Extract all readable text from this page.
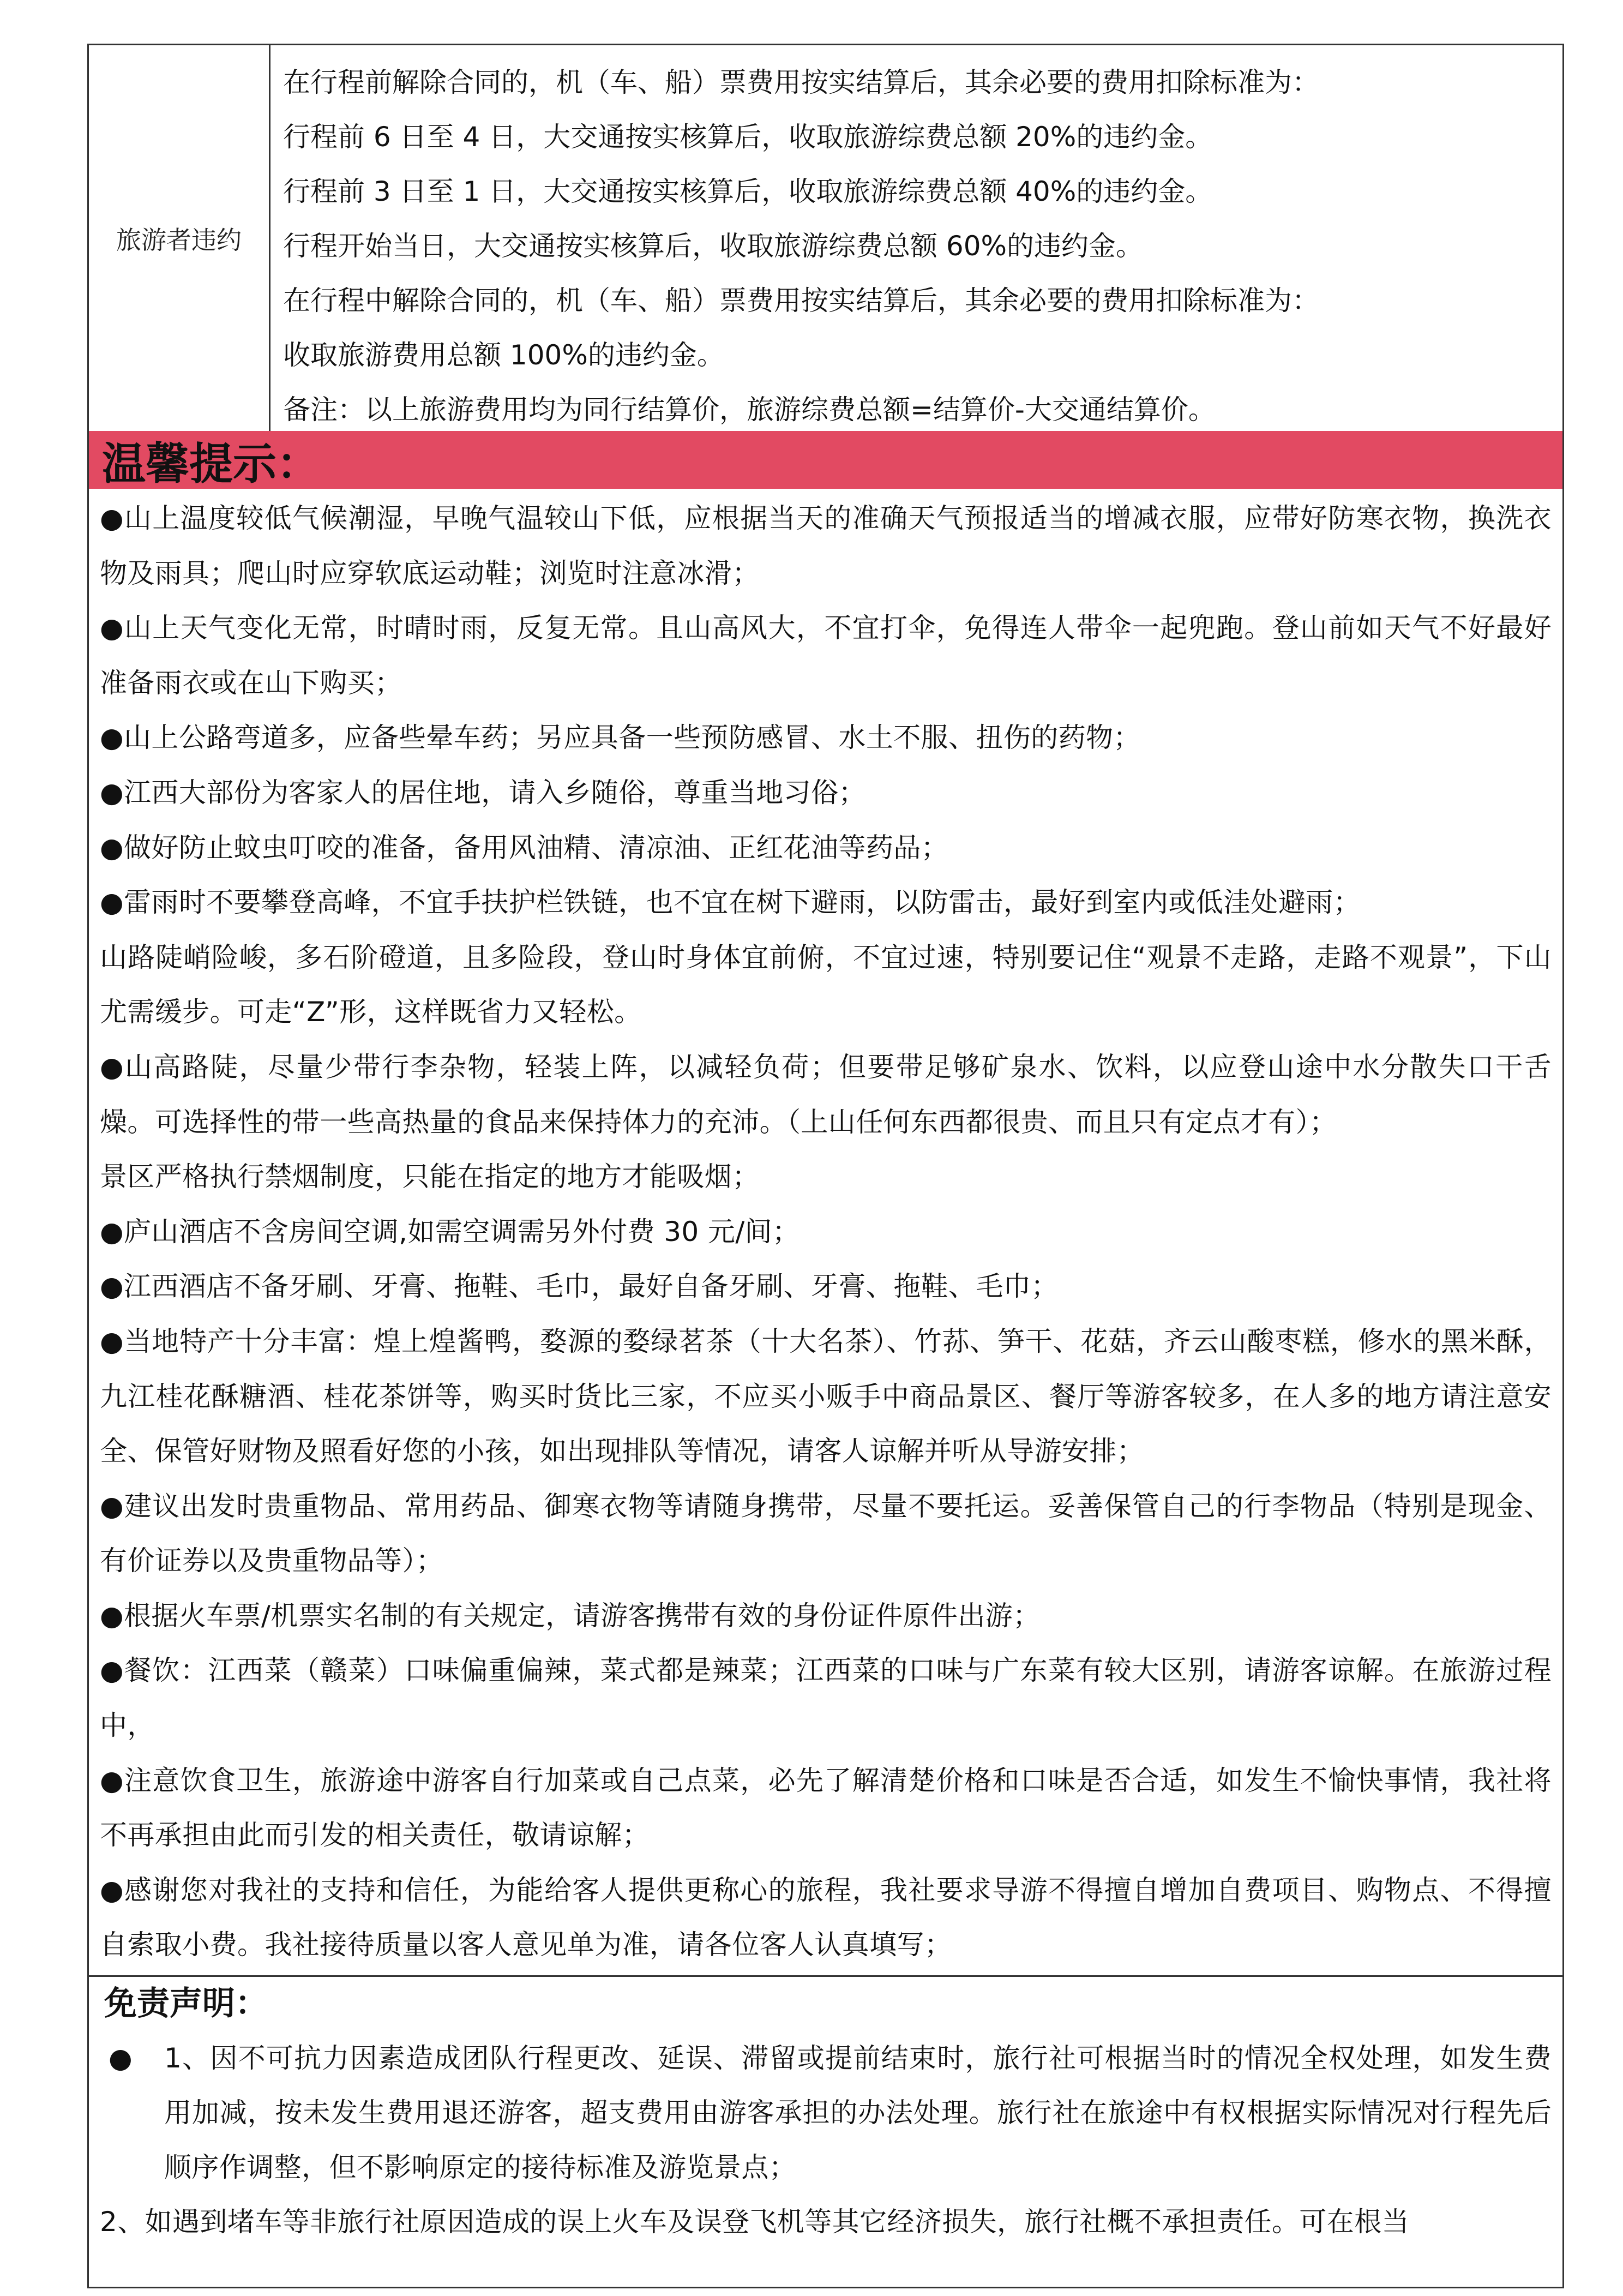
旅游者违约
在行程前解除合同的，机（车、船）票费用按实结算后，其余必要的费用扣除标准为：
行程前 6 日至 4 日，大交通按实核算后，收取旅游综费总额 20%的违约金。
行程前 3 日至 1 日，大交通按实核算后，收取旅游综费总额 40%的违约金。
行程开始当日，大交通按实核算后，收取旅游综费总额 60%的违约金。
在行程中解除合同的，机（车、船）票费用按实结算后，其余必要的费用扣除标准为：
收取旅游费用总额 100%的违约金。
备注：以上旅游费用均为同行结算价，旅游综费总额=结算价-大交通结算价。
温馨提示：
●山上温度较低气候潮湿，早晚气温较山下低，应根据当天的准确天气预报适当的增减衣服，应带好防寒衣物，换洗衣物及雨具；爬山时应穿软底运动鞋；浏览时注意冰滑；
●山上天气变化无常，时晴时雨，反复无常。且山高风大，不宜打伞，免得连人带伞一起兜跑。登山前如天气不好最好准备雨衣或在山下购买；
●山上公路弯道多，应备些晕车药；另应具备一些预防感冒、水土不服、扭伤的药物；
●江西大部份为客家人的居住地，请入乡随俗，尊重当地习俗；
●做好防止蚊虫叮咬的准备，备用风油精、清凉油、正红花油等药品；
●雷雨时不要攀登高峰，不宜手扶护栏铁链，也不宜在树下避雨，以防雷击，最好到室内或低洼处避雨；
山路陡峭险峻，多石阶磴道，且多险段，登山时身体宜前俯，不宜过速，特别要记住“观景不走路，走路不观景”，下山尤需缓步。可走“Z”形，这样既省力又轻松。
●山高路陡，尽量少带行李杂物，轻装上阵，以减轻负荷；但要带足够矿泉水、饮料，以应登山途中水分散失口干舌燥。可选择性的带一些高热量的食品来保持体力的充沛。（上山任何东西都很贵、而且只有定点才有）；
景区严格执行禁烟制度，只能在指定的地方才能吸烟；
●庐山酒店不含房间空调,如需空调需另外付费 30 元/间；
●江西酒店不备牙刷、牙膏、拖鞋、毛巾，最好自备牙刷、牙膏、拖鞋、毛巾；
●当地特产十分丰富：煌上煌酱鸭，婺源的婺绿茗茶（十大名茶）、竹荪、笋干、花菇，齐云山酸枣糕，修水的黑米酥，九江桂花酥糖酒、桂花茶饼等，购买时货比三家，不应买小贩手中商品景区、餐厅等游客较多，在人多的地方请注意安全、保管好财物及照看好您的小孩，如出现排队等情况，请客人谅解并听从导游安排；
●建议出发时贵重物品、常用药品、御寒衣物等请随身携带，尽量不要托运。妥善保管自己的行李物品（特别是现金、有价证券以及贵重物品等）；
●根据火车票/机票实名制的有关规定，请游客携带有效的身份证件原件出游；
●餐饮：江西菜（赣菜）口味偏重偏辣，菜式都是辣菜；江西菜的口味与广东菜有较大区别，请游客谅解。在旅游过程中，
●注意饮食卫生，旅游途中游客自行加菜或自己点菜，必先了解清楚价格和口味是否合适，如发生不愉快事情，我社将不再承担由此而引发的相关责任，敬请谅解；
●感谢您对我社的支持和信任，为能给客人提供更称心的旅程，我社要求导游不得擅自增加自费项目、购物点、不得擅自索取小费。我社接待质量以客人意见单为准，请各位客人认真填写；
免责声明：
●	1、因不可抗力因素造成团队行程更改、延误、滞留或提前结束时，旅行社可根据当时的情况全权处理，如发生费用加减，按未发生费用退还游客，超支费用由游客承担的办法处理。旅行社在旅途中有权根据实际情况对行程先后顺序作调整，但不影响原定的接待标准及游览景点；
2、如遇到堵车等非旅行社原因造成的误上火车及误登飞机等其它经济损失，旅行社概不承担责任。可在根当
